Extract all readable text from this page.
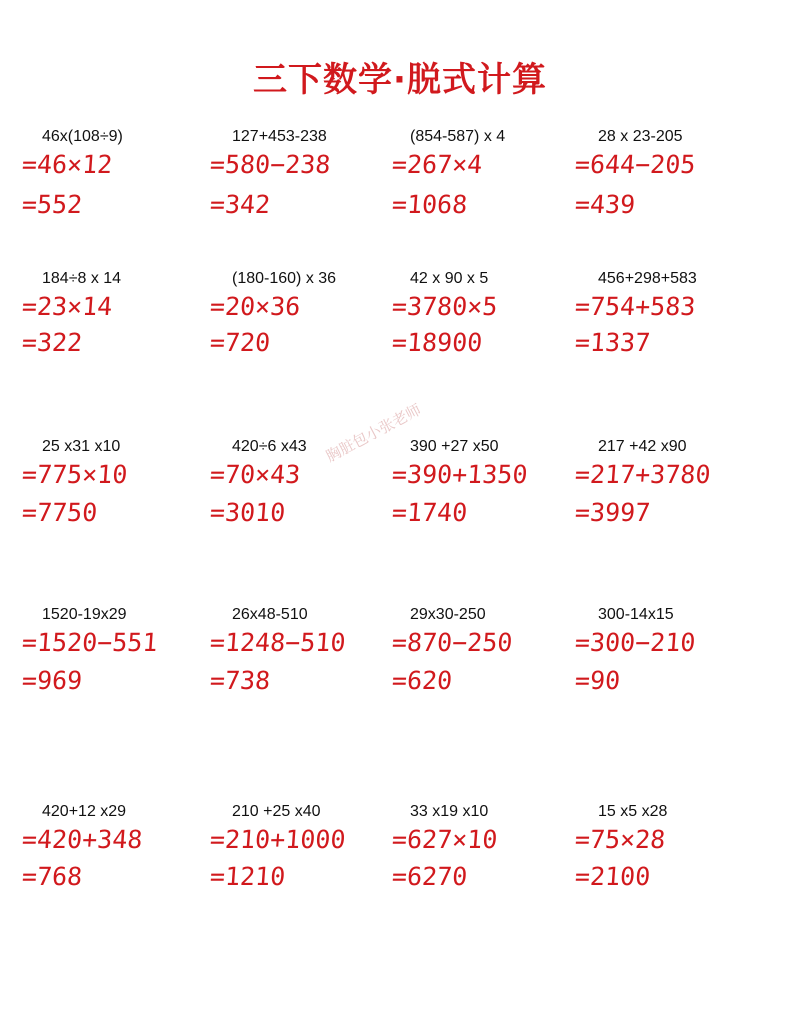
三下数学·脱式计算
胸脏包小张老师
46x(108÷9)
=46×12
=552
127+453-238
=580−238
=342
(854-587) x 4
=267×4
=1068
28 x 23-205
=644−205
=439
184÷8 x 14
=23×14
=322
(180-160) x 36
=20×36
=720
42 x 90 x 5
=3780×5
=18900
456+298+583
=754+583
=1337
25 x31 x10
=775×10
=7750
420÷6 x43
=70×43
=3010
390 +27 x50
=390+1350
=1740
217 +42 x90
=217+3780
=3997
1520-19x29
=1520−551
=969
26x48-510
=1248−510
=738
29x30-250
=870−250
=620
300-14x15
=300−210
=90
420+12 x29
=420+348
=768
210 +25 x40
=210+1000
=1210
33 x19 x10
=627×10
=6270
15 x5 x28
=75×28
=2100
